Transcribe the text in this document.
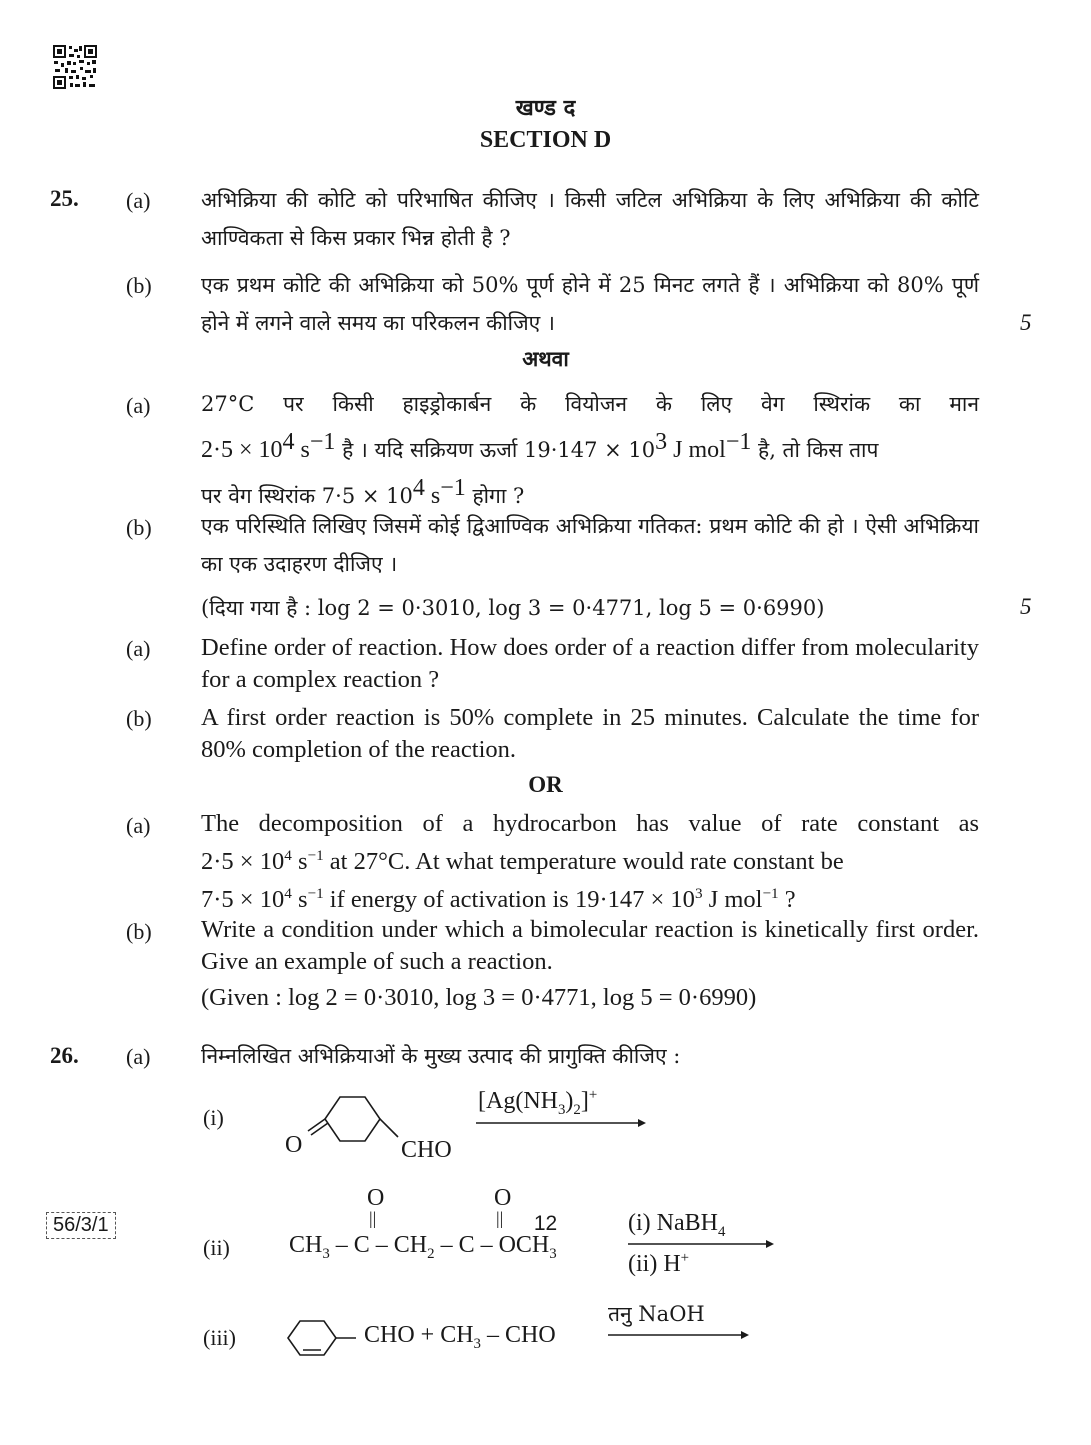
खण्ड द
SECTION D
25. (a) अभिक्रिया की कोटि को परिभाषित कीजिए । किसी जटिल अभिक्रिया के लिए अभिक्रिया की कोटि आण्विकता से किस प्रकार भिन्न होती है ?
(b) एक प्रथम कोटि की अभिक्रिया को 50% पूर्ण होने में 25 मिनट लगते हैं । अभिक्रिया को 80% पूर्ण होने में लगने वाले समय का परिकलन कीजिए ।	5
अथवा
(a) 27°C पर किसी हाइड्रोकार्बन के वियोजन के लिए वेग स्थिरांक का मान
$2\cdot 5 \times 10^4$ $s^{-1}$ है । यदि सक्रियण ऊर्जा $19\cdot 147 \times 10^3$ J mol$^{-1}$ है, तो किस ताप
पर वेग स्थिरांक $7\cdot 5 \times 10^4$ $s^{-1}$ होगा ?
(b) एक परिस्थिति लिखिए जिसमें कोई द्विआण्विक अभिक्रिया गतिकत: प्रथम कोटि की हो । ऐसी अभिक्रिया का एक उदाहरण दीजिए ।
(दिया गया है : log 2 = 0·3010, log 3 = 0·4771, log 5 = 0·6990)	5
(a) Define order of reaction. How does order of a reaction differ from molecularity for a complex reaction ?
(b) A first order reaction is 50% complete in 25 minutes. Calculate the time for 80% completion of the reaction.
OR
(a) The decomposition of a hydrocarbon has value of rate constant as
$2\cdot 5 \times 10^4$ $s^{-1}$ at 27°C. At what temperature would rate constant be
$7\cdot 5 \times 10^4$ $s^{-1}$ if energy of activation is $19\cdot 147 \times 10^3$ J mol$^{-1}$ ?
(b) Write a condition under which a bimolecular reaction is kinetically first order. Give an example of such a reaction.
(Given : log 2 = 0·3010, log 3 = 0·4771, log 5 = 0·6990)
26. (a) निम्नलिखित अभिक्रियाओं के मुख्य उत्पाद की प्रागुक्ति कीजिए :
(i)
O	CHO
$[Ag(NH_3)_2]^+$
(ii)
O
||
O
||
$CH_3$ – C – $CH_2$ – C – $OCH_3$
(i) NaBH$_4$
(ii) H+
(iii)	CHO + $CH_3$ – CHO
तनु NaOH
56/3/1	12
